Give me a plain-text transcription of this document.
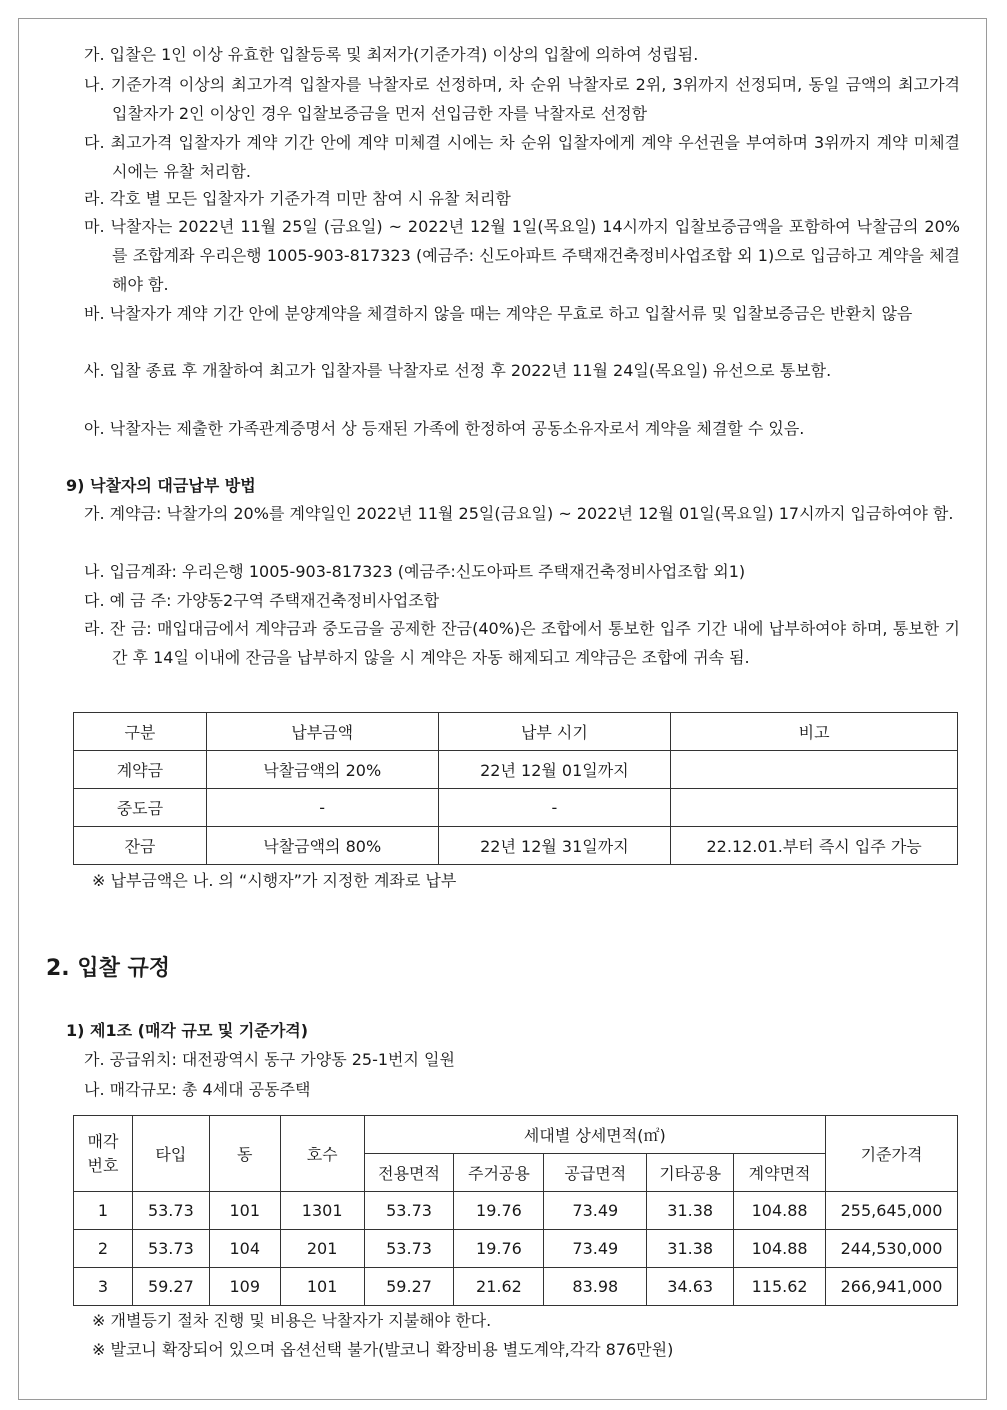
가. 입찰은 1인 이상 유효한 입찰등록 및 최저가(기준가격) 이상의 입찰에 의하여 성립됨.
나. 기준가격 이상의 최고가격 입찰자를 낙찰자로 선정하며, 차 순위 낙찰자로 2위, 3위까지 선정되며, 동일 금액의 최고가격 입찰자가 2인 이상인 경우 입찰보증금을 먼저 선입금한 자를 낙찰자로 선정함
다. 최고가격 입찰자가 계약 기간 안에 계약 미체결 시에는 차 순위 입찰자에게 계약 우선권을 부여하며 3위까지 계약 미체결 시에는 유찰 처리함.
라. 각호 별 모든 입찰자가 기준가격 미만 참여 시 유찰 처리함
마. 낙찰자는 2022년 11월 25일 (금요일) ~ 2022년 12월 1일(목요일) 14시까지 입찰보증금액을 포함하여 낙찰금의 20%를 조합계좌 우리은행 1005-903-817323 (예금주: 신도아파트 주택재건축정비사업조합 외 1)으로 입금하고 계약을 체결해야 함.
바. 낙찰자가 계약 기간 안에 분양계약을 체결하지 않을 때는 계약은 무효로 하고 입찰서류 및 입찰보증금은 반환치 않음
사. 입찰 종료 후 개찰하여 최고가 입찰자를 낙찰자로 선정 후 2022년 11월 24일(목요일) 유선으로 통보함.
아. 낙찰자는 제출한 가족관계증명서 상 등재된 가족에 한정하여 공동소유자로서 계약을 체결할 수 있음.
9) 낙찰자의 대금납부 방법
가. 계약금: 낙찰가의 20%를 계약일인 2022년 11월 25일(금요일) ~ 2022년 12월 01일(목요일) 17시까지 입금하여야 함.
나. 입금계좌: 우리은행 1005-903-817323 (예금주:신도아파트 주택재건축정비사업조합 외1)
다. 예 금 주: 가양동2구역 주택재건축정비사업조합
라. 잔 금: 매입대금에서 계약금과 중도금을 공제한 잔금(40%)은 조합에서 통보한 입주 기간 내에 납부하여야 하며, 통보한 기간 후 14일 이내에 잔금을 납부하지 않을 시 계약은 자동 해제되고 계약금은 조합에 귀속 됨.
구분	납부금액	납부 시기	비고
계약금	낙찰금액의 20%	22년 12월 01일까지	
중도금	-	-	
잔금	낙찰금액의 80%	22년 12월 31일까지	22.12.01.부터 즉시 입주 가능
※ 납부금액은 나. 의 “시행자”가 지정한 계좌로 납부
2. 입찰 규정
1) 제1조 (매각 규모 및 기준가격)
가. 공급위치: 대전광역시 동구 가양동 25-1번지 일원
나. 매각규모: 총 4세대 공동주택
매각
번호	타입	동	호수	세대별 상세면적(㎡)					기준가격
				전용면적	주거공용	공급면적	기타공용	계약면적	
1	53.73	101	1301	53.73	19.76	73.49	31.38	104.88	255,645,000
2	53.73	104	201	53.73	19.76	73.49	31.38	104.88	244,530,000
3	59.27	109	101	59.27	21.62	83.98	34.63	115.62	266,941,000
※ 개별등기 절차 진행 및 비용은 낙찰자가 지불해야 한다.
※ 발코니 확장되어 있으며 옵션선택 불가(발코니 확장비용 별도계약,각각 876만원)
